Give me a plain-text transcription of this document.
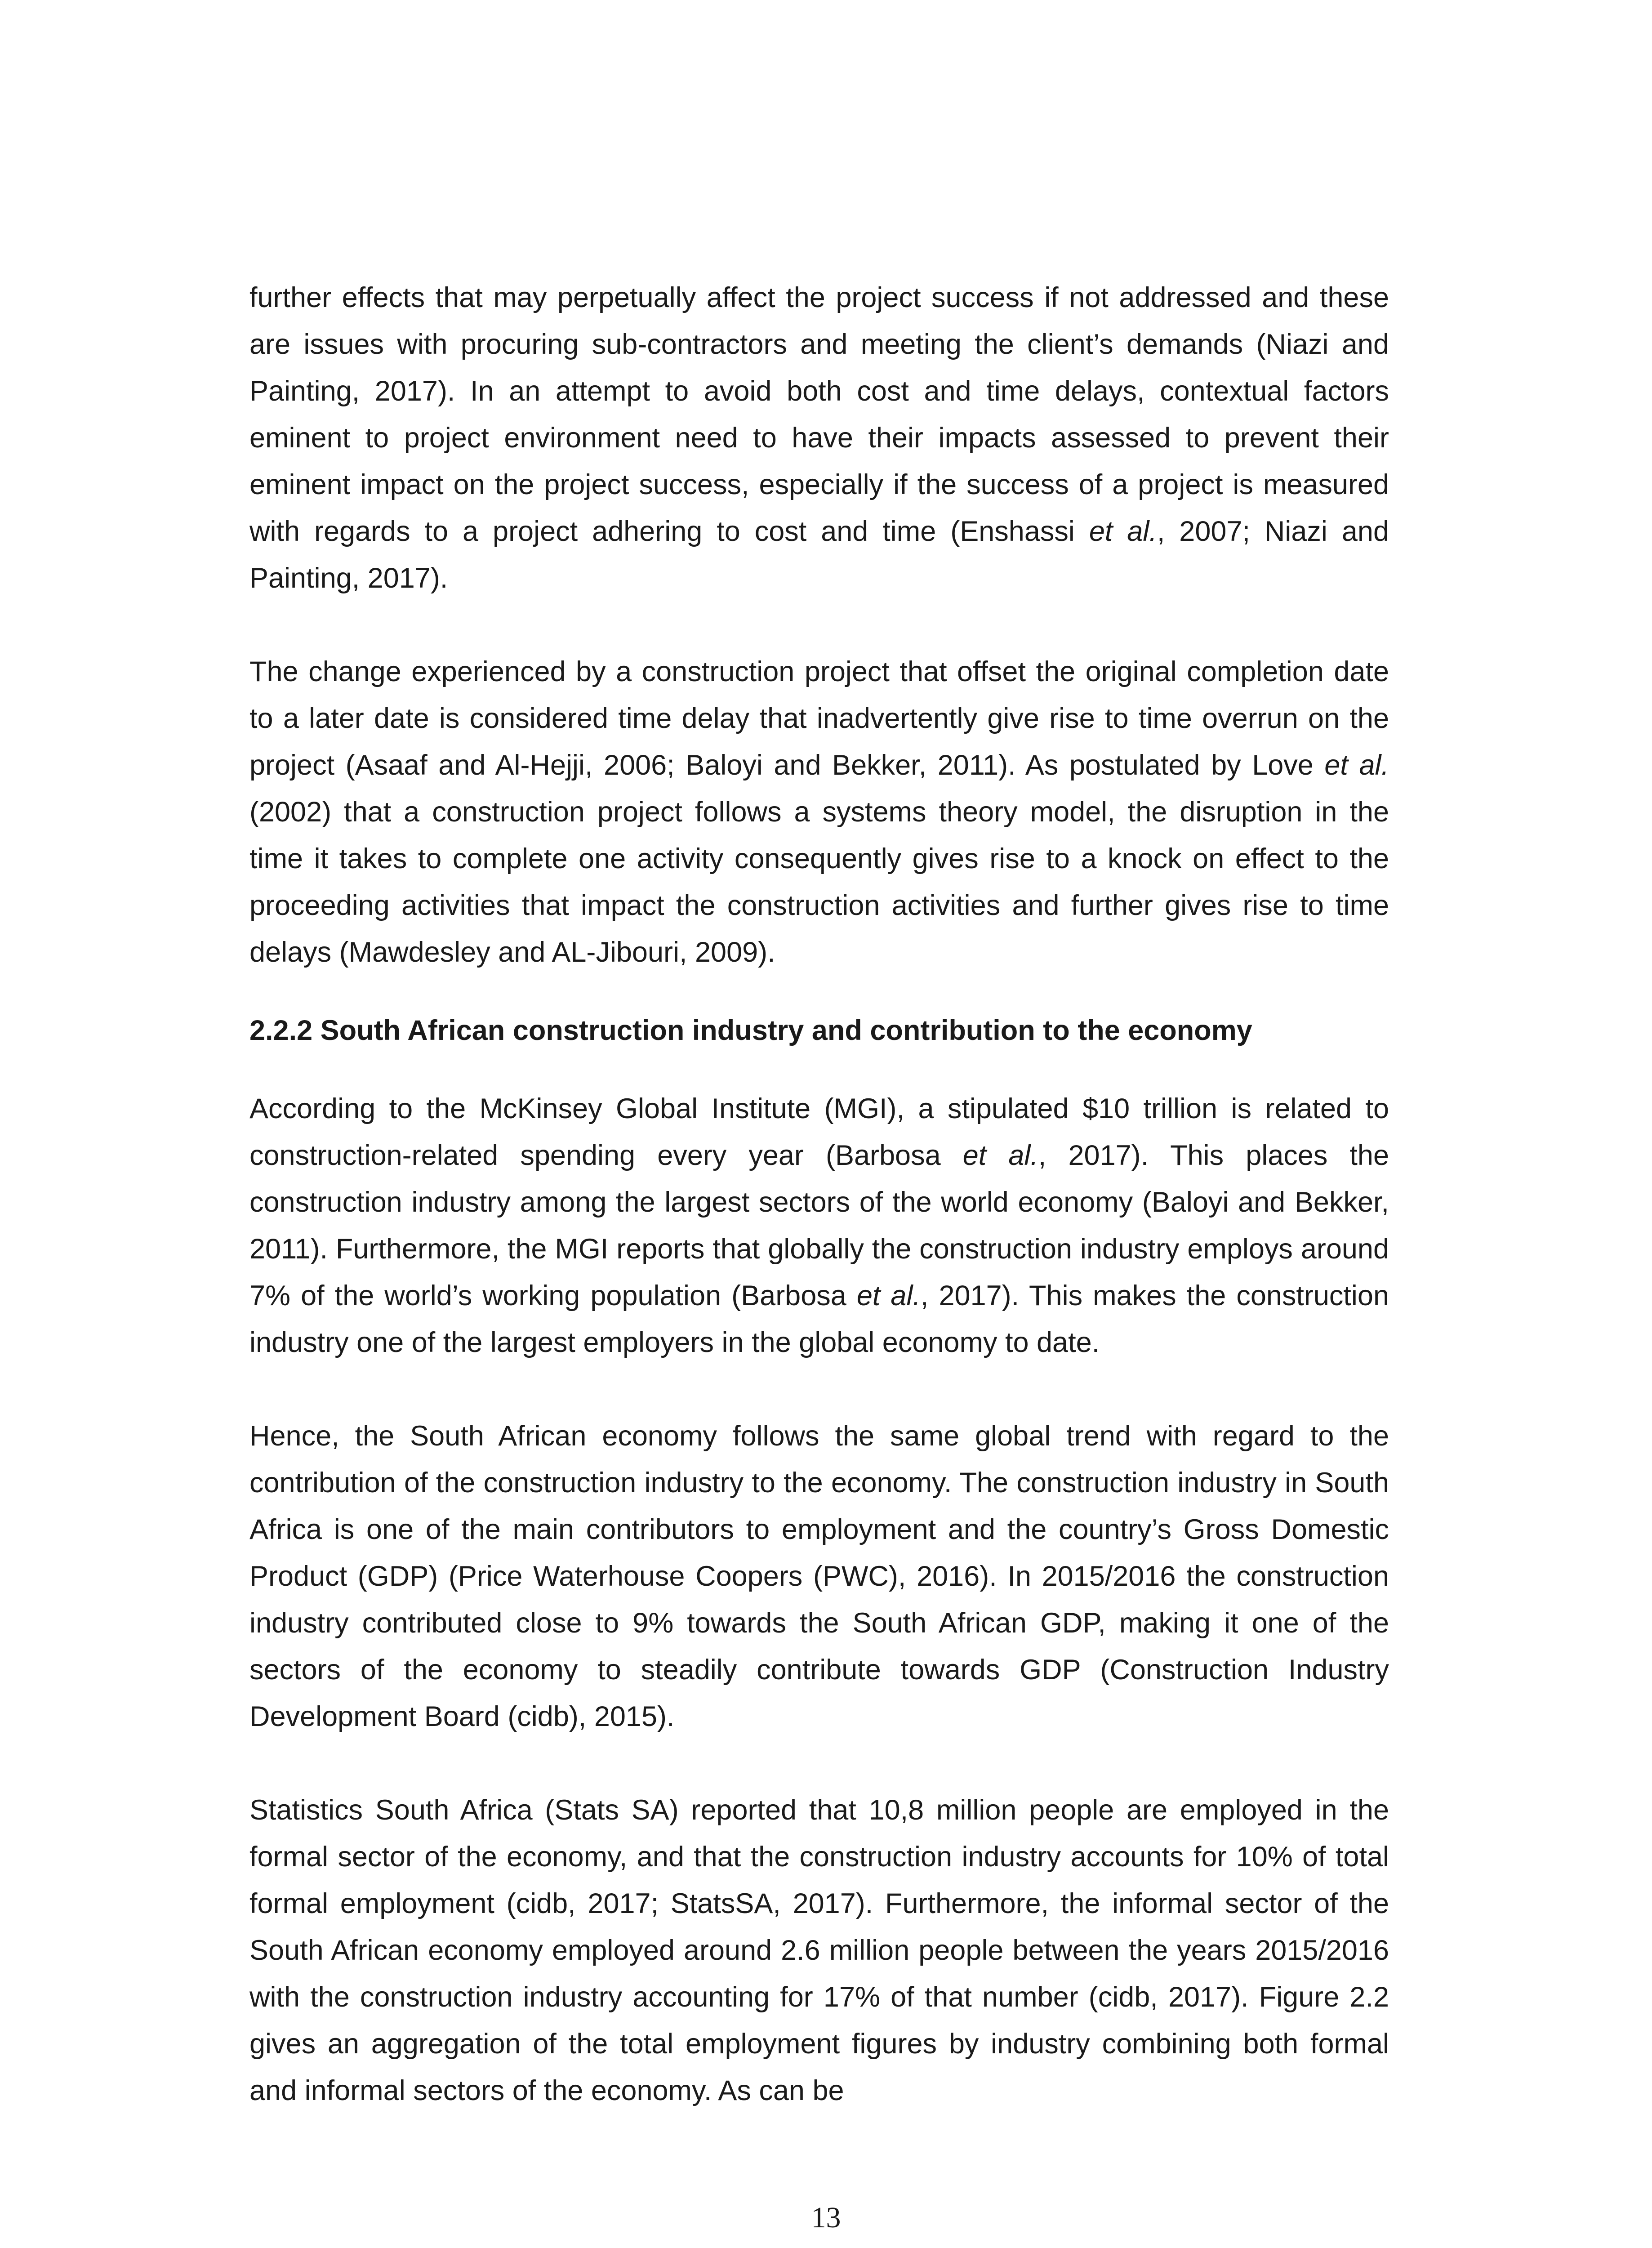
further effects that may perpetually affect the project success if not addressed and these are issues with procuring sub-contractors and meeting the client’s demands (Niazi and Painting, 2017). In an attempt to avoid both cost and time delays, contextual factors eminent to project environment need to have their impacts assessed to prevent their eminent impact on the project success, especially if the success of a project is measured with regards to a project adhering to cost and time (Enshassi et al., 2007; Niazi and Painting, 2017).

The change experienced by a construction project that offset the original completion date to a later date is considered time delay that inadvertently give rise to time overrun on the project (Asaaf and Al-Hejji, 2006; Baloyi and Bekker, 2011). As postulated by Love et al. (2002) that a construction project follows a systems theory model, the disruption in the time it takes to complete one activity consequently gives rise to a knock on effect to the proceeding activities that impact the construction activities and further gives rise to time delays (Mawdesley and AL-Jibouri, 2009).

2.2.2 South African construction industry and contribution to the economy

According to the McKinsey Global Institute (MGI), a stipulated $10 trillion is related to construction-related spending every year (Barbosa et al., 2017). This places the construction industry among the largest sectors of the world economy (Baloyi and Bekker, 2011). Furthermore, the MGI reports that globally the construction industry employs around 7% of the world’s working population (Barbosa et al., 2017). This makes the construction industry one of the largest employers in the global economy to date.

Hence, the South African economy follows the same global trend with regard to the contribution of the construction industry to the economy. The construction industry in South Africa is one of the main contributors to employment and the country’s Gross Domestic Product (GDP) (Price Waterhouse Coopers (PWC), 2016). In 2015/2016 the construction industry contributed close to 9% towards the South African GDP, making it one of the sectors of the economy to steadily contribute towards GDP (Construction Industry Development Board (cidb), 2015).

Statistics South Africa (Stats SA) reported that 10,8 million people are employed in the formal sector of the economy, and that the construction industry accounts for 10% of total formal employment (cidb, 2017; StatsSA, 2017). Furthermore, the informal sector of the South African economy employed around 2.6 million people between the years 2015/2016 with the construction industry accounting for 17% of that number (cidb, 2017). Figure 2.2 gives an aggregation of the total employment figures by industry combining both formal and informal sectors of the economy. As can be

13
